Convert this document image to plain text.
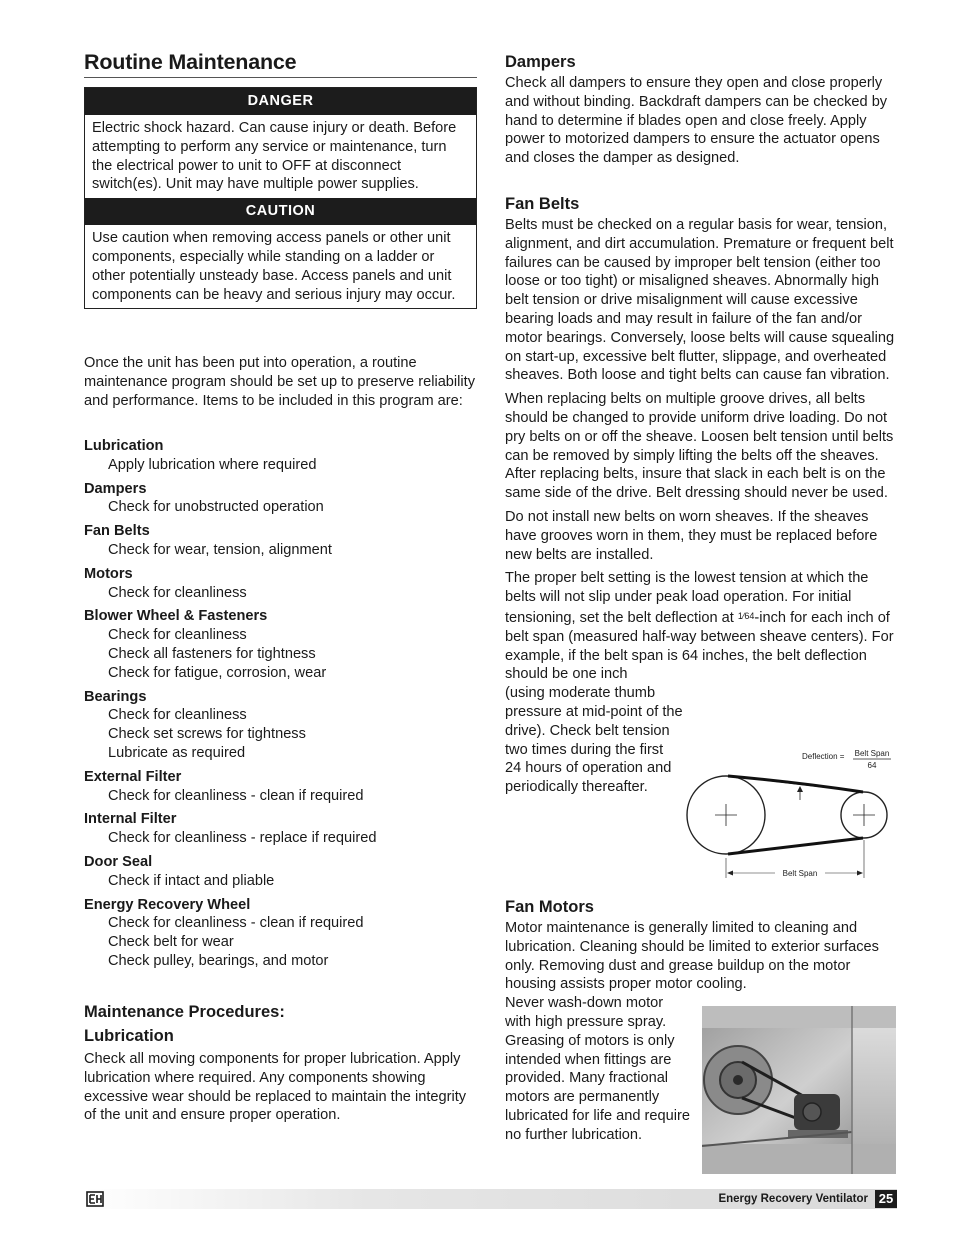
Routine Maintenance
DANGER
Electric shock hazard. Can cause injury or death. Before attempting to perform any service or maintenance, turn the electrical power to unit to OFF at disconnect switch(es). Unit may have multiple power supplies.
CAUTION
Use caution when removing access panels or other unit components, especially while standing on a ladder or other potentially unsteady base. Access panels and unit components can be heavy and serious injury may occur.

Once the unit has been put into operation, a routine maintenance program should be set up to preserve reliability and performance. Items to be included in this program are:

Lubrication
Apply lubrication where required
Dampers
Check for unobstructed operation
Fan Belts
Check for wear, tension, alignment
Motors
Check for cleanliness
Blower Wheel & Fasteners
Check for cleanliness
Check all fasteners for tightness
Check for fatigue, corrosion, wear
Bearings
Check for cleanliness
Check set screws for tightness
Lubricate as required
External Filter
Check for cleanliness - clean if required
Internal Filter
Check for cleanliness - replace if required
Door Seal
Check if intact and pliable
Energy Recovery Wheel
Check for cleanliness - clean if required
Check belt for wear
Check pulley, bearings, and motor
Maintenance Procedures:
Lubrication

Check all moving components for proper lubrication. Apply lubrication where required. Any components showing excessive wear should be replaced to maintain the integrity of the unit and ensure proper operation.

Dampers

Check all dampers to ensure they open and close properly and without binding. Backdraft dampers can be checked by hand to determine if blades open and close freely. Apply power to motorized dampers to ensure the actuator opens and closes the damper as designed.

Fan Belts

Belts must be checked on a regular basis for wear, tension, alignment, and dirt accumulation. Premature or frequent belt failures can be caused by improper belt tension (either too loose or too tight) or misaligned sheaves. Abnormally high belt tension or drive misalignment will cause excessive bearing loads and may result in failure of the fan and/or motor bearings. Conversely, loose belts will cause squealing on start-up, excessive belt flutter, slippage, and overheated sheaves. Both loose and tight belts can cause fan vibration.

When replacing belts on multiple groove drives, all belts should be changed to provide uniform drive loading. Do not pry belts on or off the sheave. Loosen belt tension until belts can be removed by simply lifting the belts off the sheaves. After replacing belts, insure that slack in each belt is on the same side of the drive. Belt dressing should never be used.

Do not install new belts on worn sheaves. If the sheaves have grooves worn in them, they must be replaced before new belts are installed.

The proper belt setting is the lowest tension at which the belts will not slip under peak load operation. For initial tensioning, set the belt deflection at $^{1⁄64}$-inch for each inch of belt span (measured half-way between sheave centers). For example, if the belt span is 64 inches, the belt deflection should be one inch

(using moderate thumb pressure at mid-point of the drive). Check belt tension two times during the first 24 hours of operation and periodically thereafter.

Deflection = Belt Span
64
Belt Span
Fan Motors

Motor maintenance is generally limited to cleaning and lubrication. Cleaning should be limited to exterior surfaces only. Removing dust and grease buildup on the motor housing assists proper motor cooling.

Never wash-down motor with high pressure spray. Greasing of motors is only intended when fittings are provided. Many fractional motors are permanently lubricated for life and require no further lubrication.

Energy Recovery Ventilator 25
